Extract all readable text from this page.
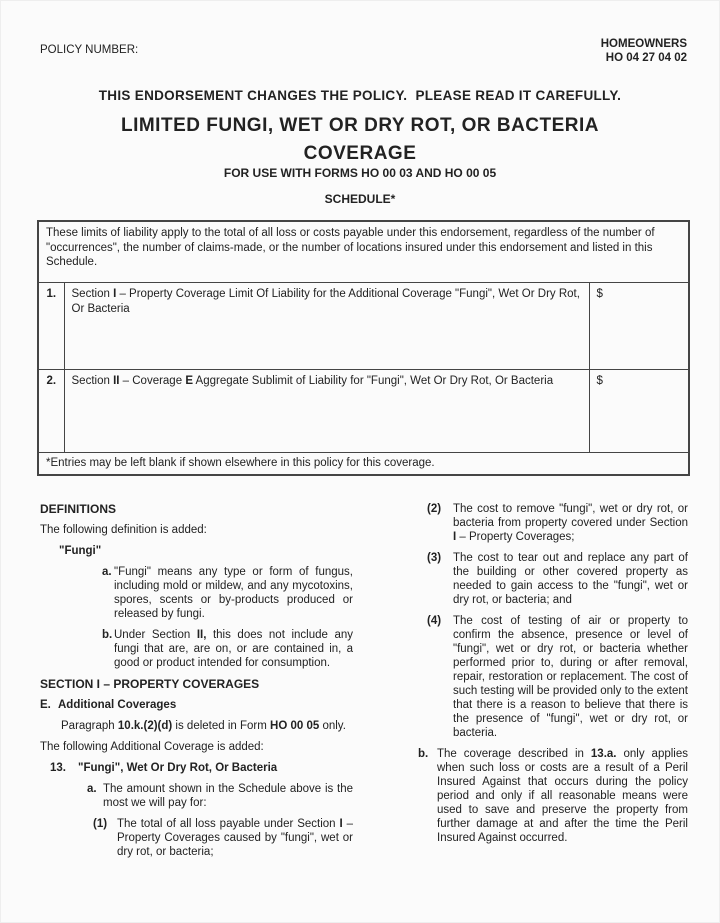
POLICY NUMBER:	HOMEOWNERS
HO 04 27 04 02
THIS ENDORSEMENT CHANGES THE POLICY.  PLEASE READ IT CAREFULLY.
LIMITED FUNGI, WET OR DRY ROT, OR BACTERIA
COVERAGE
FOR USE WITH FORMS HO 00 03 AND HO 00 05
SCHEDULE*
These limits of liability apply to the total of all loss or costs payable under this endorsement, regardless of the number of "occurrences", the number of claims-made, or the number of locations insured under this endorsement and listed in this Schedule.		
1.	Section I – Property Coverage Limit Of Liability for the Additional Coverage "Fungi", Wet Or Dry Rot, Or Bacteria	$
2.	Section II – Coverage E Aggregate Sublimit of Liability for "Fungi", Wet Or Dry Rot, Or Bacteria	$
*Entries may be left blank if shown elsewhere in this policy for this coverage.		
DEFINITIONS
The following definition is added:
"Fungi"
a. "Fungi" means any type or form of fungus, including mold or mildew, and any mycotoxins, spores, scents or by-products produced or released by fungi.
b. Under Section II, this does not include any fungi that are, are on, or are contained in, a good or product intended for consumption.
SECTION I – PROPERTY COVERAGES
E. Additional Coverages
Paragraph 10.k.(2)(d) is deleted in Form HO 00 05 only.
The following Additional Coverage is added:
13.	"Fungi", Wet Or Dry Rot, Or Bacteria
a. The amount shown in the Schedule above is the most we will pay for:
(1) The total of all loss payable under Section I – Property Coverages caused by "fungi", wet or dry rot, or bacteria;
(2)	The cost to remove "fungi", wet or dry rot, or bacteria from property covered under Section I – Property Coverages;
(3)	The cost to tear out and replace any part of the building or other covered property as needed to gain access to the "fungi", wet or dry rot, or bacteria; and
(4)	The cost of testing of air or property to confirm the absence, presence or level of "fungi", wet or dry rot, or bacteria whether performed prior to, during or after removal, repair, restoration or replacement. The cost of such testing will be provided only to the extent that there is a reason to believe that there is the presence of "fungi", wet or dry rot, or bacteria.
b. The coverage described in 13.a. only applies when such loss or costs are a result of a Peril Insured Against that occurs during the policy period and only if all reasonable means were used to save and preserve the property from further damage at and after the time the Peril Insured Against occurred.
